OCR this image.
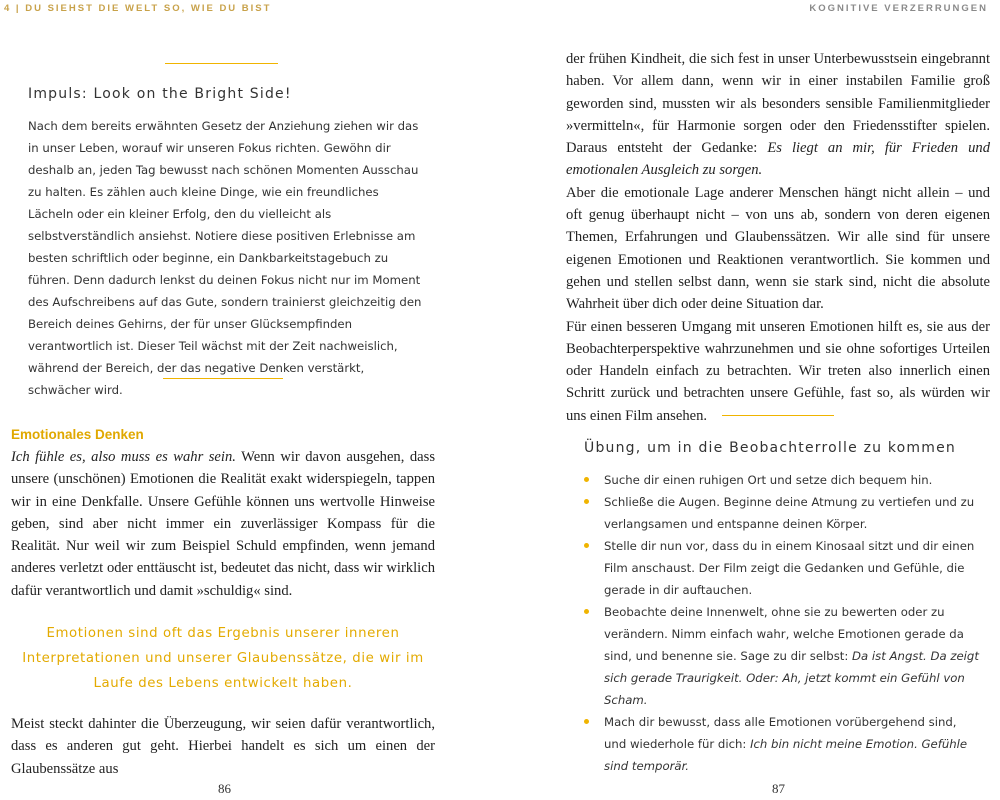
4 | DU SIEHST DIE WELT SO, WIE DU BIST
Impuls: Look on the Bright Side!
Nach dem bereits erwähnten Gesetz der Anziehung ziehen wir das in unser Leben, worauf wir unseren Fokus richten. Gewöhn dir deshalb an, jeden Tag bewusst nach schönen Momenten Ausschau zu halten. Es zählen auch kleine Dinge, wie ein freundliches Lächeln oder ein kleiner Erfolg, den du vielleicht als selbstverständlich ansiehst. Notiere diese positiven Erlebnisse am besten schriftlich oder beginne, ein Dankbarkeitstagebuch zu führen. Denn dadurch lenkst du deinen Fokus nicht nur im Moment des Aufschreibens auf das Gute, sondern trainierst gleichzeitig den Bereich deines Gehirns, der für unser Glücksempfinden verantwortlich ist. Dieser Teil wächst mit der Zeit nachweislich, während der Bereich, der das negative Denken verstärkt, schwächer wird.
Emotionales Denken

Ich fühle es, also muss es wahr sein. Wenn wir davon ausgehen, dass unsere (unschönen) Emotionen die Realität exakt widerspiegeln, tappen wir in eine Denkfalle. Unsere Gefühle können uns wertvolle Hinweise geben, sind aber nicht immer ein zuverlässiger Kompass für die Realität. Nur weil wir zum Beispiel Schuld empfinden, wenn jemand anderes verletzt oder enttäuscht ist, bedeutet das nicht, dass wir wirklich dafür verantwortlich und damit »schuldig« sind.

Emotionen sind oft das Ergebnis unserer inneren Interpretationen und unserer Glaubenssätze, die wir im Laufe des Lebens entwickelt haben.

Meist steckt dahinter die Überzeugung, wir seien dafür verantwortlich, dass es anderen gut geht. Hierbei handelt es sich um einen der Glaubenssätze aus

86
KOGNITIVE VERZERRUNGEN

der frühen Kindheit, die sich fest in unser Unterbewusstsein eingebrannt haben. Vor allem dann, wenn wir in einer instabilen Familie groß geworden sind, mussten wir als besonders sensible Familienmitglieder »vermitteln«, für Harmonie sorgen oder den Friedensstifter spielen. Daraus entsteht der Gedanke: Es liegt an mir, für Frieden und emotionalen Ausgleich zu sorgen.

Aber die emotionale Lage anderer Menschen hängt nicht allein – und oft genug überhaupt nicht – von uns ab, sondern von deren eigenen Themen, Erfahrungen und Glaubenssätzen. Wir alle sind für unsere eigenen Emotionen und Reaktionen verantwortlich. Sie kommen und gehen und stellen selbst dann, wenn sie stark sind, nicht die absolute Wahrheit über dich oder deine Situation dar.

Für einen besseren Umgang mit unseren Emotionen hilft es, sie aus der Beobachterperspektive wahrzunehmen und sie ohne sofortiges Urteilen oder Handeln einfach zu betrachten. Wir treten also innerlich einen Schritt zurück und betrachten unsere Gefühle, fast so, als würden wir uns einen Film ansehen.

Übung, um in die Beobachterrolle zu kommen
Suche dir einen ruhigen Ort und setze dich bequem hin.
Schließe die Augen. Beginne deine Atmung zu vertiefen und zu verlangsamen und entspanne deinen Körper.
Stelle dir nun vor, dass du in einem Kinosaal sitzt und dir einen Film anschaust. Der Film zeigt die Gedanken und Gefühle, die gerade in dir auftauchen.
Beobachte deine Innenwelt, ohne sie zu bewerten oder zu verändern. Nimm einfach wahr, welche Emotionen gerade da sind, und benenne sie. Sage zu dir selbst: Da ist Angst. Da zeigt sich gerade Traurigkeit. Oder: Ah, jetzt kommt ein Gefühl von Scham.
Mach dir bewusst, dass alle Emotionen vorübergehend sind, und wiederhole für dich: Ich bin nicht meine Emotion. Gefühle sind temporär.
87
